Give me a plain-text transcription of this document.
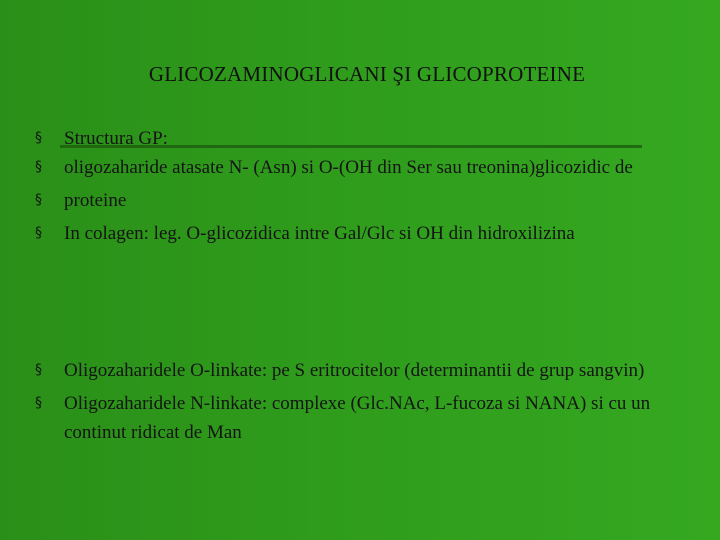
GLICOZAMINOGLICANI ŞI GLICOPROTEINE
§ Structura GP:
§ oligozaharide atasate N- (Asn) si O-(OH din Ser sau treonina)glicozidic de
§ proteine
§ In colagen: leg. O-glicozidica intre Gal/Glc si OH din hidroxilizina
§ Oligozaharidele O-linkate: pe S eritrocitelor (determinantii de grup sangvin)
§ Oligozaharidele N-linkate: complexe (Glc.NAc, L-fucoza si NANA) si cu un continut ridicat de Man
